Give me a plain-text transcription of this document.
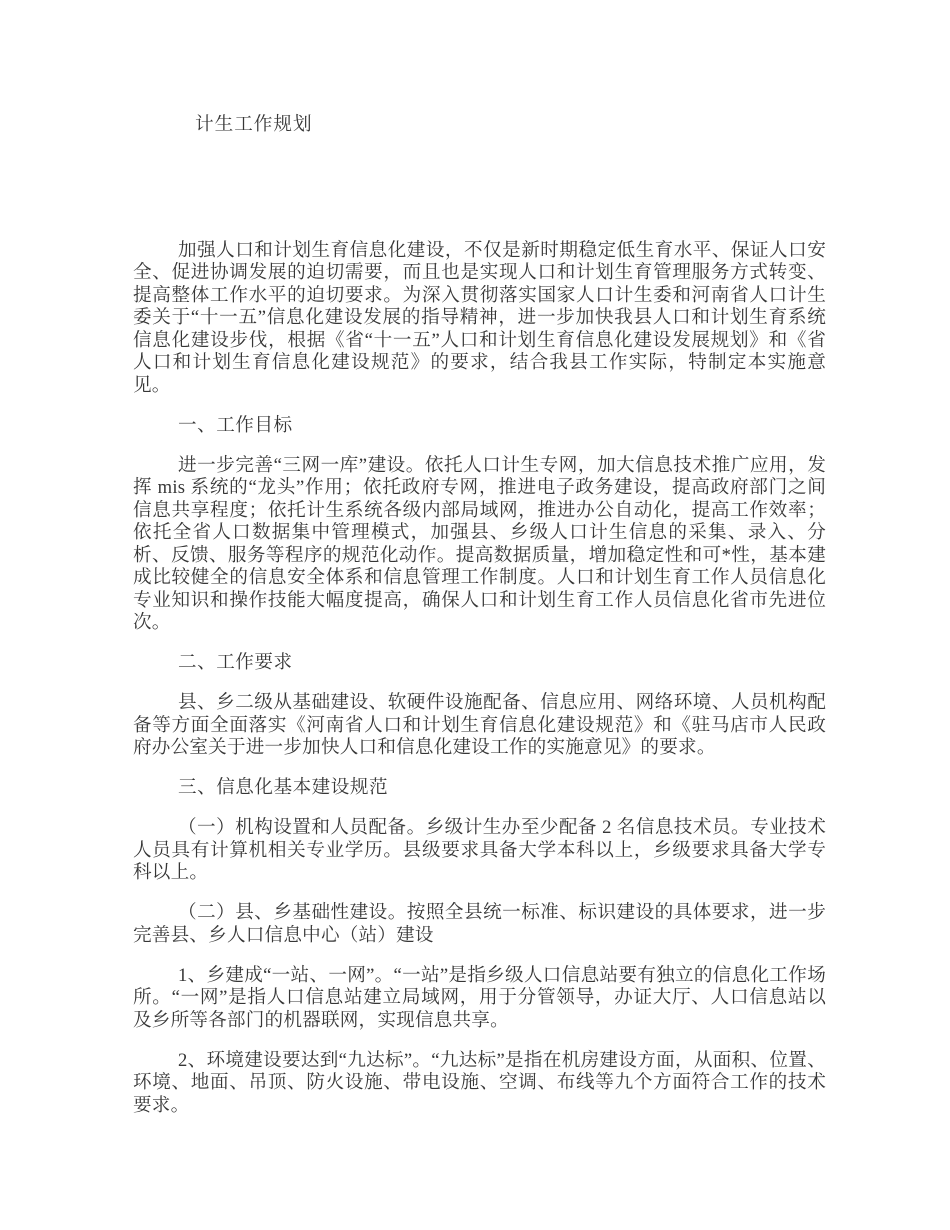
计生工作规划

加强人口和计划生育信息化建设，不仅是新时期稳定低生育水平、保证人口安全、促进协调发展的迫切需要，而且也是实现人口和计划生育管理服务方式转变、提高整体工作水平的迫切要求。为深入贯彻落实国家人口计生委和河南省人口计生委关于“十一五”信息化建设发展的指导精神，进一步加快我县人口和计划生育系统信息化建设步伐，根据《省“十一五”人口和计划生育信息化建设发展规划》和《省人口和计划生育信息化建设规范》的要求，结合我县工作实际，特制定本实施意见。

一、工作目标

进一步完善“三网一库”建设。依托人口计生专网，加大信息技术推广应用，发挥 mis 系统的“龙头”作用；依托政府专网，推进电子政务建设，提高政府部门之间信息共享程度；依托计生系统各级内部局域网，推进办公自动化，提高工作效率；依托全省人口数据集中管理模式，加强县、乡级人口计生信息的采集、录入、分析、反馈、服务等程序的规范化动作。提高数据质量，增加稳定性和可*性，基本建成比较健全的信息安全体系和信息管理工作制度。人口和计划生育工作人员信息化专业知识和操作技能大幅度提高，确保人口和计划生育工作人员信息化省市先进位次。

二、工作要求

县、乡二级从基础建设、软硬件设施配备、信息应用、网络环境、人员机构配备等方面全面落实《河南省人口和计划生育信息化建设规范》和《驻马店市人民政府办公室关于进一步加快人口和信息化建设工作的实施意见》的要求。

三、信息化基本建设规范

（一）机构设置和人员配备。乡级计生办至少配备 2 名信息技术员。专业技术人员具有计算机相关专业学历。县级要求具备大学本科以上，乡级要求具备大学专科以上。

（二）县、乡基础性建设。按照全县统一标准、标识建设的具体要求，进一步完善县、乡人口信息中心（站）建设

1、乡建成“一站、一网”。“一站”是指乡级人口信息站要有独立的信息化工作场所。“一网”是指人口信息站建立局域网，用于分管领导，办证大厅、人口信息站以及乡所等各部门的机器联网，实现信息共享。

2、环境建设要达到“九达标”。“九达标”是指在机房建设方面，从面积、位置、环境、地面、吊顶、防火设施、带电设施、空调、布线等九个方面符合工作的技术要求。
